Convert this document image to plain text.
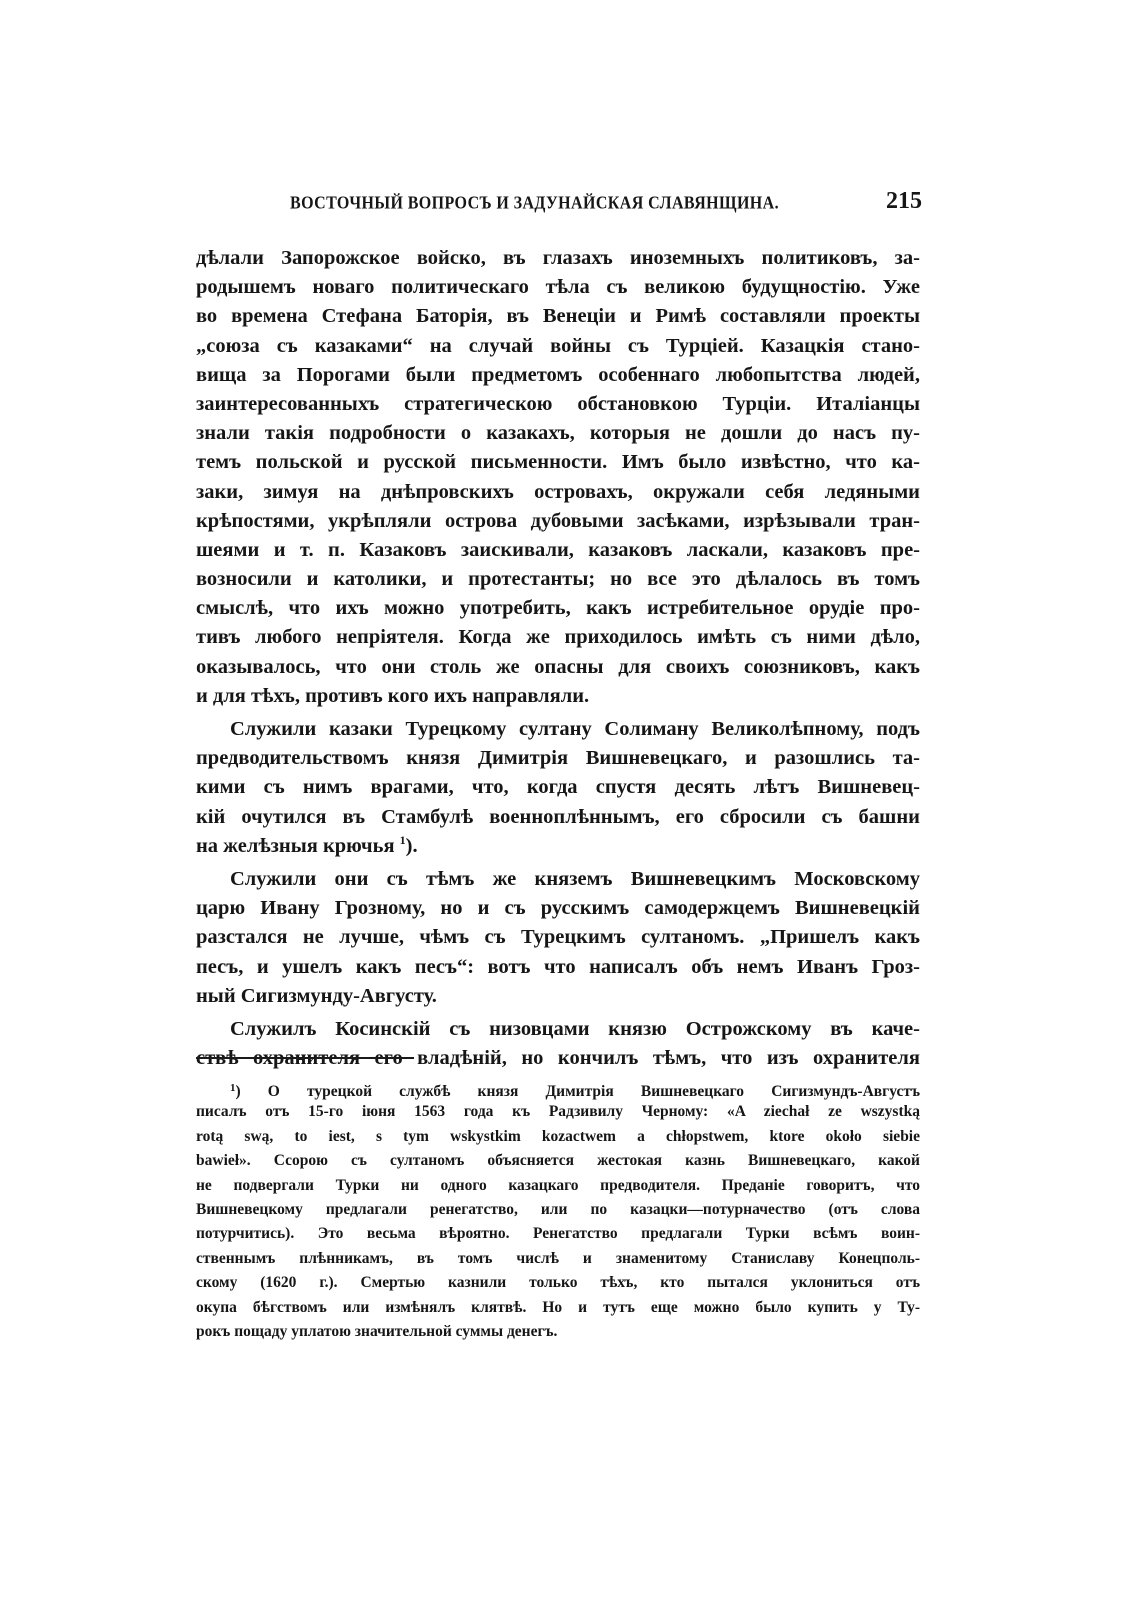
ВОСТОЧНЫЙ ВОПРОСЪ И ЗАДУНАЙСКАЯ СЛАВЯНЩИНА.	215
дѣлали Запорожское войско, въ глазахъ иноземныхъ политиковъ, за-
родышемъ новаго политическаго тѣла съ великою будущностію. Уже
во времена Стефана Баторія, въ Венеціи и Римѣ составляли проекты
„союза съ казаками“ на случай войны съ Турціей. Казацкія стано-
вища за Порогами были предметомъ особеннаго любопытства людей,
заинтересованныхъ стратегическою обстановкою Турціи. Италіанцы
знали такія подробности о казакахъ, которыя не дошли до насъ пу-
темъ польской и русской письменности. Имъ было извѣстно, что ка-
заки, зимуя на днѣпровскихъ островахъ, окружали себя ледяными
крѣпостями, укрѣпляли острова дубовыми засѣками, изрѣзывали тран-
шеями и т. п. Казаковъ заискивали, казаковъ ласкали, казаковъ пре-
возносили и католики, и протестанты; но все это дѣлалось въ томъ
смыслѣ, что ихъ можно употребить, какъ истребительное орудіе про-
тивъ любого непріятеля. Когда же приходилось имѣть съ ними дѣло,
оказывалось, что они столь же опасны для своихъ союзниковъ, какъ
и для тѣхъ, противъ кого ихъ направляли.
Служили казаки Турецкому султану Солиману Великолѣпному, подъ
предводительствомъ князя Димитрія Вишневецкаго, и разошлись та-
кими съ нимъ врагами, что, когда спустя десять лѣтъ Вишневец-
кій очутился въ Стамбулѣ военноплѣннымъ, его сбросили съ башни
на желѣзныя крючья $^1$).
Служили они съ тѣмъ же княземъ Вишневецкимъ Московскому
царю Ивану Грозному, но и съ русскимъ самодержцемъ Вишневецкій
разстался не лучше, чѣмъ съ Турецкимъ султаномъ. „Пришелъ какъ
песъ, и ушелъ какъ песъ“: вотъ что написалъ объ немъ Иванъ Гроз-
ный Сигизмунду-Августу.
Служилъ Косинскій съ низовцами князю Острожскому въ каче-
ствѣ охранителя его владѣній, но кончилъ тѣмъ, что изъ охранителя
$^1$) О турецкой службѣ князя Димитрія Вишневецкаго Сигизмундъ-Августъ
писалъ отъ 15-го іюня 1563 года къ Радзивилу Черному: «A ziechał ze wszystką
rotą swą, to iest, s tym wskystkim kozactwem a chłopstwem, ktore około siebie
bawieł». Ссорою съ султаномъ объясняется жестокая казнь Вишневецкаго, какой
не подвергали Турки ни одного казацкаго предводителя. Преданіе говоритъ, что
Вишневецкому предлагали ренегатство, или по казацки—потурначество (отъ слова
потурчитись). Это весьма вѣроятно. Ренегатство предлагали Турки всѣмъ воин-
ственнымъ плѣнникамъ, въ томъ числѣ и знаменитому Станиславу Конецполь-
скому (1620 г.). Смертью казнили только тѣхъ, кто пытался уклониться отъ
окупа бѣгствомъ или измѣнялъ клятвѣ. Но и тутъ еще можно было купить у Ту-
рокъ пощаду уплатою значительной суммы денегъ.
